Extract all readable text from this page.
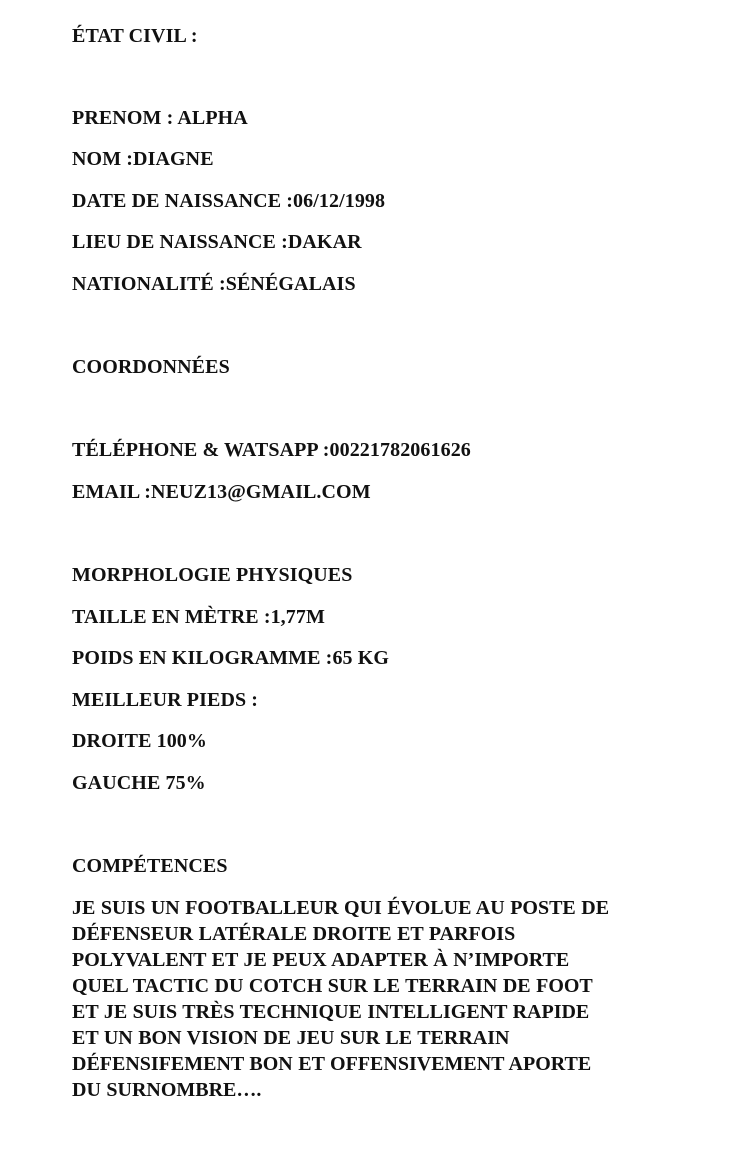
ÉTAT CIVIL :
PRENOM : ALPHA
NOM :DIAGNE
DATE DE NAISSANCE :06/12/1998
LIEU DE NAISSANCE :DAKAR
NATIONALITÉ :SÉNÉGALAIS
COORDONNÉES
TÉLÉPHONE & WATSAPP :00221782061626
EMAIL :NEUZ13@GMAIL.COM
MORPHOLOGIE PHYSIQUES
TAILLE EN MÈTRE :1,77M
POIDS EN KILOGRAMME :65 KG
MEILLEUR PIEDS :
DROITE 100%
GAUCHE 75%
COMPÉTENCES
JE SUIS UN FOOTBALLEUR QUI ÉVOLUE AU POSTE DE
DÉFENSEUR LATÉRALE DROITE ET PARFOIS
POLYVALENT ET JE PEUX ADAPTER À N’IMPORTE
QUEL TACTIC DU COTCH SUR LE TERRAIN DE FOOT
ET JE SUIS TRÈS TECHNIQUE INTELLIGENT RAPIDE
ET UN BON VISION DE JEU SUR LE TERRAIN
DÉFENSIFEMENT BON ET OFFENSIVEMENT APORTE
DU SURNOMBRE….
